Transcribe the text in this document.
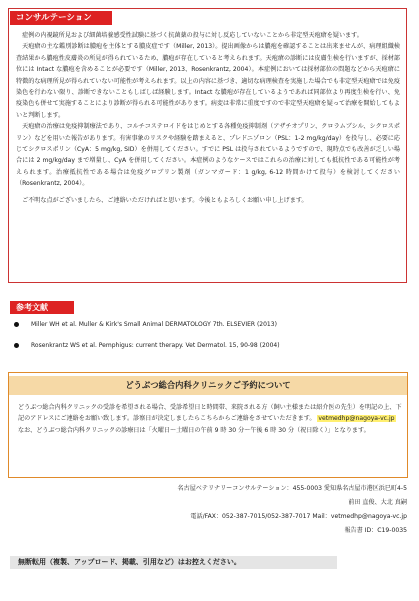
コンサルテーション

症例の内視鏡所見および細菌培養感受性試験に基づく抗菌薬の投与に対し反応していないことから非定型天疱瘡を疑います。

天疱瘡の主な鑑別診断は膿疱を主体とする膿皮症です（Miller, 2013）。提出画像からは膿疱を確認することは出来ませんが、病理組織検査結果から膿疱性皮膚炎の所見が得られているため、膿疱が存在していると考えられます。天疱瘡の診断には皮膚生検を行いますが、採材部位には Intact な膿疱を含めることが必要です（Miller, 2013、Rosenkrantz, 2004）。本症例においては採材部位の問題などから天疱瘡に特徴的な病理所見が得られていない可能性が考えられます。以上の内容に基づき、適切な病理検査を実施した場合でも非定型天疱瘡では免疫染色を行わない限り、診断できないこともしばしば経験します。Intact な膿疱が存在しているようであれば同部位より再度生検を行い、免疫染色も併せて実施することにより診断が得られる可能性があります。病変は非常に重度ですので非定型天疱瘡を疑って治療を開始してもよいと判断します。

天疱瘡の治療は免疫抑制療法であり、コルチコステロイドをはじめとする各種免疫抑制剤（アザチオプリン、クロラムブシル、シクロスポリン）などを用いた報告があります。有害事象のリスクや経験を踏まえると、プレドニゾロン（PSL：1-2 mg/kg/day）を投与し、必要に応じてシクロスポリン（CyA：5 mg/kg, SID）を併用してください。すでに PSL は投与されているようですので、現時点でも改善が乏しい場合には 2 mg/kg/day まで増量し、CyA を併用してください。本症例のようなケースではこれらの治療に対しても抵抗性である可能性が考えられます。治療抵抗性である場合は免疫グロブリン製剤（ガンマガード：1 g/kg, 6-12 時間かけて投与）を検討してください（Rosenkrantz, 2004）。

ご不明な点がございましたら、ご連絡いただければと思います。今後ともよろしくお願い申し上げます。

参考文献
Miller WH et al. Muller & Kirk's Small Animal DERMATOLOGY 7th. ELSEVIER (2013)
Rosenkrantz WS et al. Pemphigus: current therapy. Vet Dermatol. 15, 90-98 (2004)
どうぶつ総合内科クリニックご予約について

どうぶつ総合内科クリニックの受診を希望される場合、受診希望日と時間帯、来院される方（飼い主様または紹介医の先生）を明記の上、下記のアドレスにご連絡をお願い致します。診察日が決定しましたらこちらからご連絡をさせていただきます。 vetmedhp@nagoya-vc.jp

なお、どうぶつ総合内科クリニックの診療日は「火曜日～土曜日の午前 9 時 30 分～午後 6 時 30 分（祝日除く）」となります。

名古屋ベテリナリーコンサルテーション：455-0003 愛知県名古屋市港区浜巳町4-5
前田 直俊、大北 真嗣
電話/FAX：052-387-7015/052-387-7017 Mail：vetmedhp@nagoya-vc.jp
報告書 ID：C19-0035
無断転用（複製、アップロード、掲載、引用など）はお控えください。
